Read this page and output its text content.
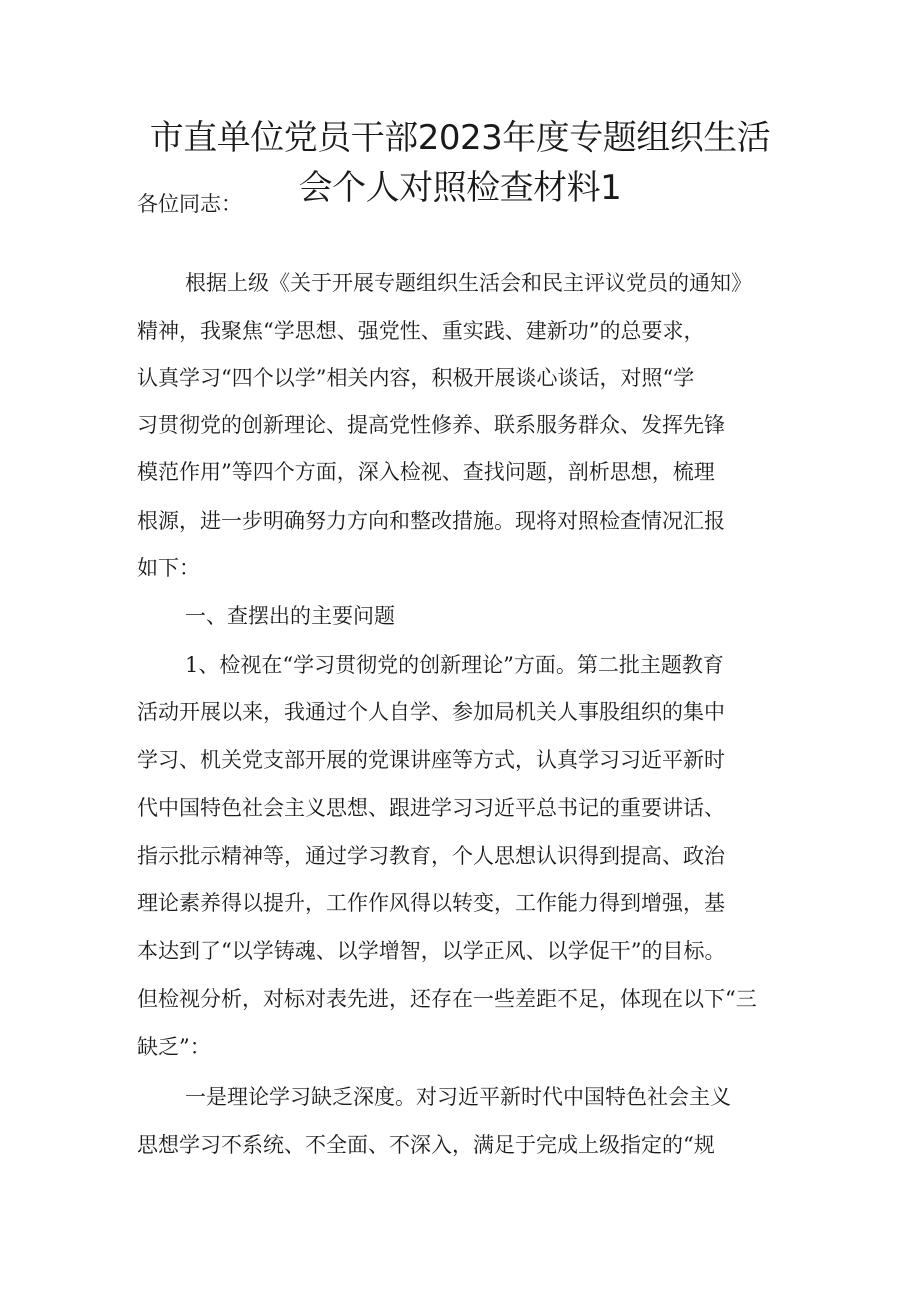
市直单位党员干部2023年度专题组织生活
会个人对照检查材料1
各位同志：
根据上级《关于开展专题组织生活会和民主评议党员的通知》
精神，我聚焦“学思想、强党性、重实践、建新功”的总要求，
认真学习“四个以学”相关内容，积极开展谈心谈话，对照“学
习贯彻党的创新理论、提高党性修养、联系服务群众、发挥先锋
模范作用”等四个方面，深入检视、查找问题，剖析思想，梳理
根源，进一步明确努力方向和整改措施。现将对照检查情况汇报
如下：
一、查摆出的主要问题
1、检视在“学习贯彻党的创新理论”方面。第二批主题教育
活动开展以来，我通过个人自学、参加局机关人事股组织的集中
学习、机关党支部开展的党课讲座等方式，认真学习习近平新时
代中国特色社会主义思想、跟进学习习近平总书记的重要讲话、
指示批示精神等，通过学习教育，个人思想认识得到提高、政治
理论素养得以提升，工作作风得以转变，工作能力得到增强，基
本达到了“以学铸魂、以学增智，以学正风、以学促干”的目标。
但检视分析，对标对表先进，还存在一些差距不足，体现在以下“三
缺乏”：
一是理论学习缺乏深度。对习近平新时代中国特色社会主义
思想学习不系统、不全面、不深入，满足于完成上级指定的“规
